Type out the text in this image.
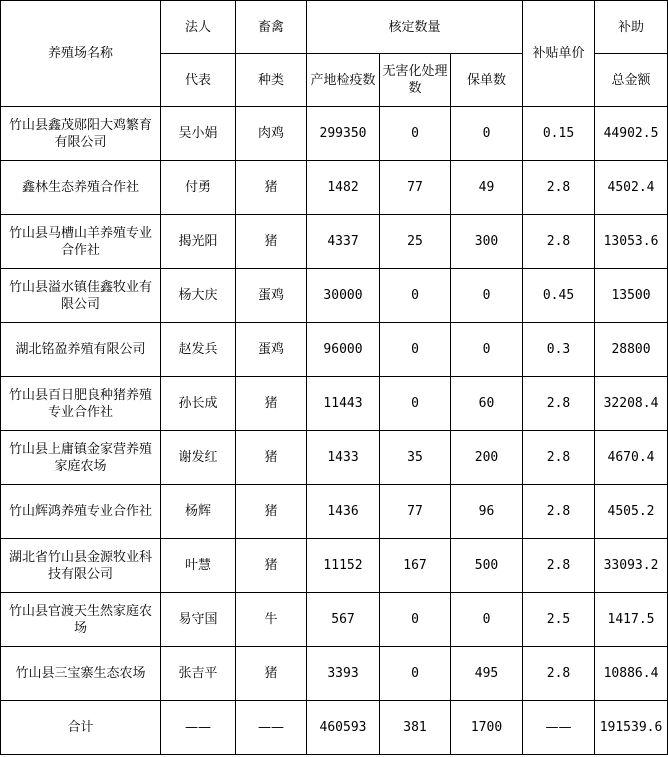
养殖场名称	法人	畜禽	核定数量			补贴单价	补助
	代表	种类	产地检疫数	无害化处理数	保单数		总金额
竹山县鑫茂郧阳大鸡繁育有限公司	吴小娟	肉鸡	299350	0	0	0.15	44902.5
鑫林生态养殖合作社	付勇	猪	1482	77	49	2.8	4502.4
竹山县马槽山羊养殖专业合作社	揭光阳	猪	4337	25	300	2.8	13053.6
竹山县溢水镇佳鑫牧业有限公司	杨大庆	蛋鸡	30000	0	0	0.45	13500
湖北铭盈养殖有限公司	赵发兵	蛋鸡	96000	0	0	0.3	28800
竹山县百日肥良种猪养殖专业合作社	孙长成	猪	11443	0	60	2.8	32208.4
竹山县上庸镇金家营养殖家庭农场	谢发红	猪	1433	35	200	2.8	4670.4
竹山辉鸿养殖专业合作社	杨辉	猪	1436	77	96	2.8	4505.2
湖北省竹山县金源牧业科技有限公司	叶慧	猪	11152	167	500	2.8	33093.2
竹山县官渡天生然家庭农场	易守国	牛	567	0	0	2.5	1417.5
竹山县三宝寨生态农场	张吉平	猪	3393	0	495	2.8	10886.4
合计	——	——	460593	381	1700	——	191539.6
